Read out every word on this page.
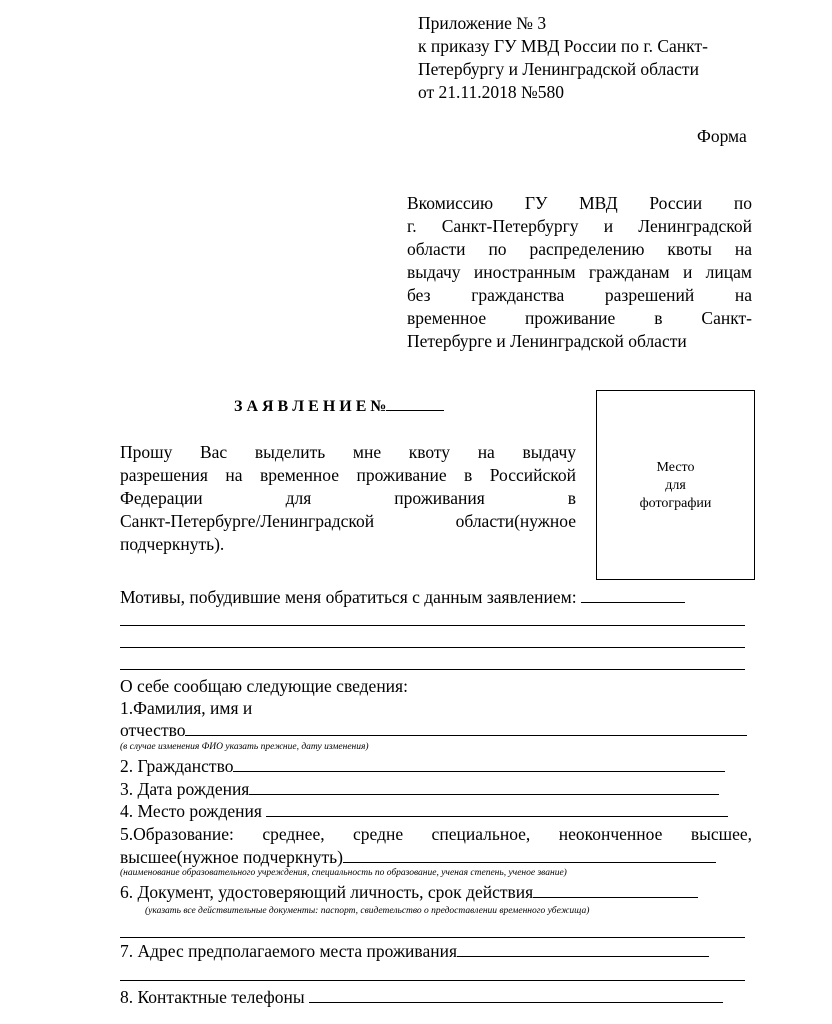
Приложение № 3
к приказу ГУ МВД России по г. Санкт-
Петербургу и Ленинградской области
от 21.11.2018 №580
Форма
Вкомиссию ГУ МВД России по
г. Санкт-Петербургу и Ленинградской
области по распределению квоты на
выдачу иностранным гражданам и лицам
без гражданства разрешений на
временное проживание в Санкт-
Петербурге и Ленинградской области
З А Я В Л Е Н И Е №
Прошу Вас выделить мне квоту на выдачу
разрешения на временное проживание в Российской
Федерации для проживания в
Санкт-Петербурге/Ленинградской области(нужное
подчеркнуть).
Место
для
фотографии
Мотивы, побудившие меня обратиться с данным заявлением:
О себе сообщаю следующие сведения:
1.Фамилия, имя и
отчество
(в случае изменения ФИО указать прежние, дату изменения)
2. Гражданство
3. Дата рождения
4. Место рождения
5.Образование: среднее, средне специальное, неоконченное высшее,
высшее(нужное подчеркнуть)
(наименование образовательного учреждения, специальность по образование, ученая степень, ученое звание)
6. Документ, удостоверяющий личность, срок действия
(указать все действительные документы: паспорт, свидетельство о предоставлении временного убежища)
7. Адрес предполагаемого места проживания
8. Контактные телефоны
